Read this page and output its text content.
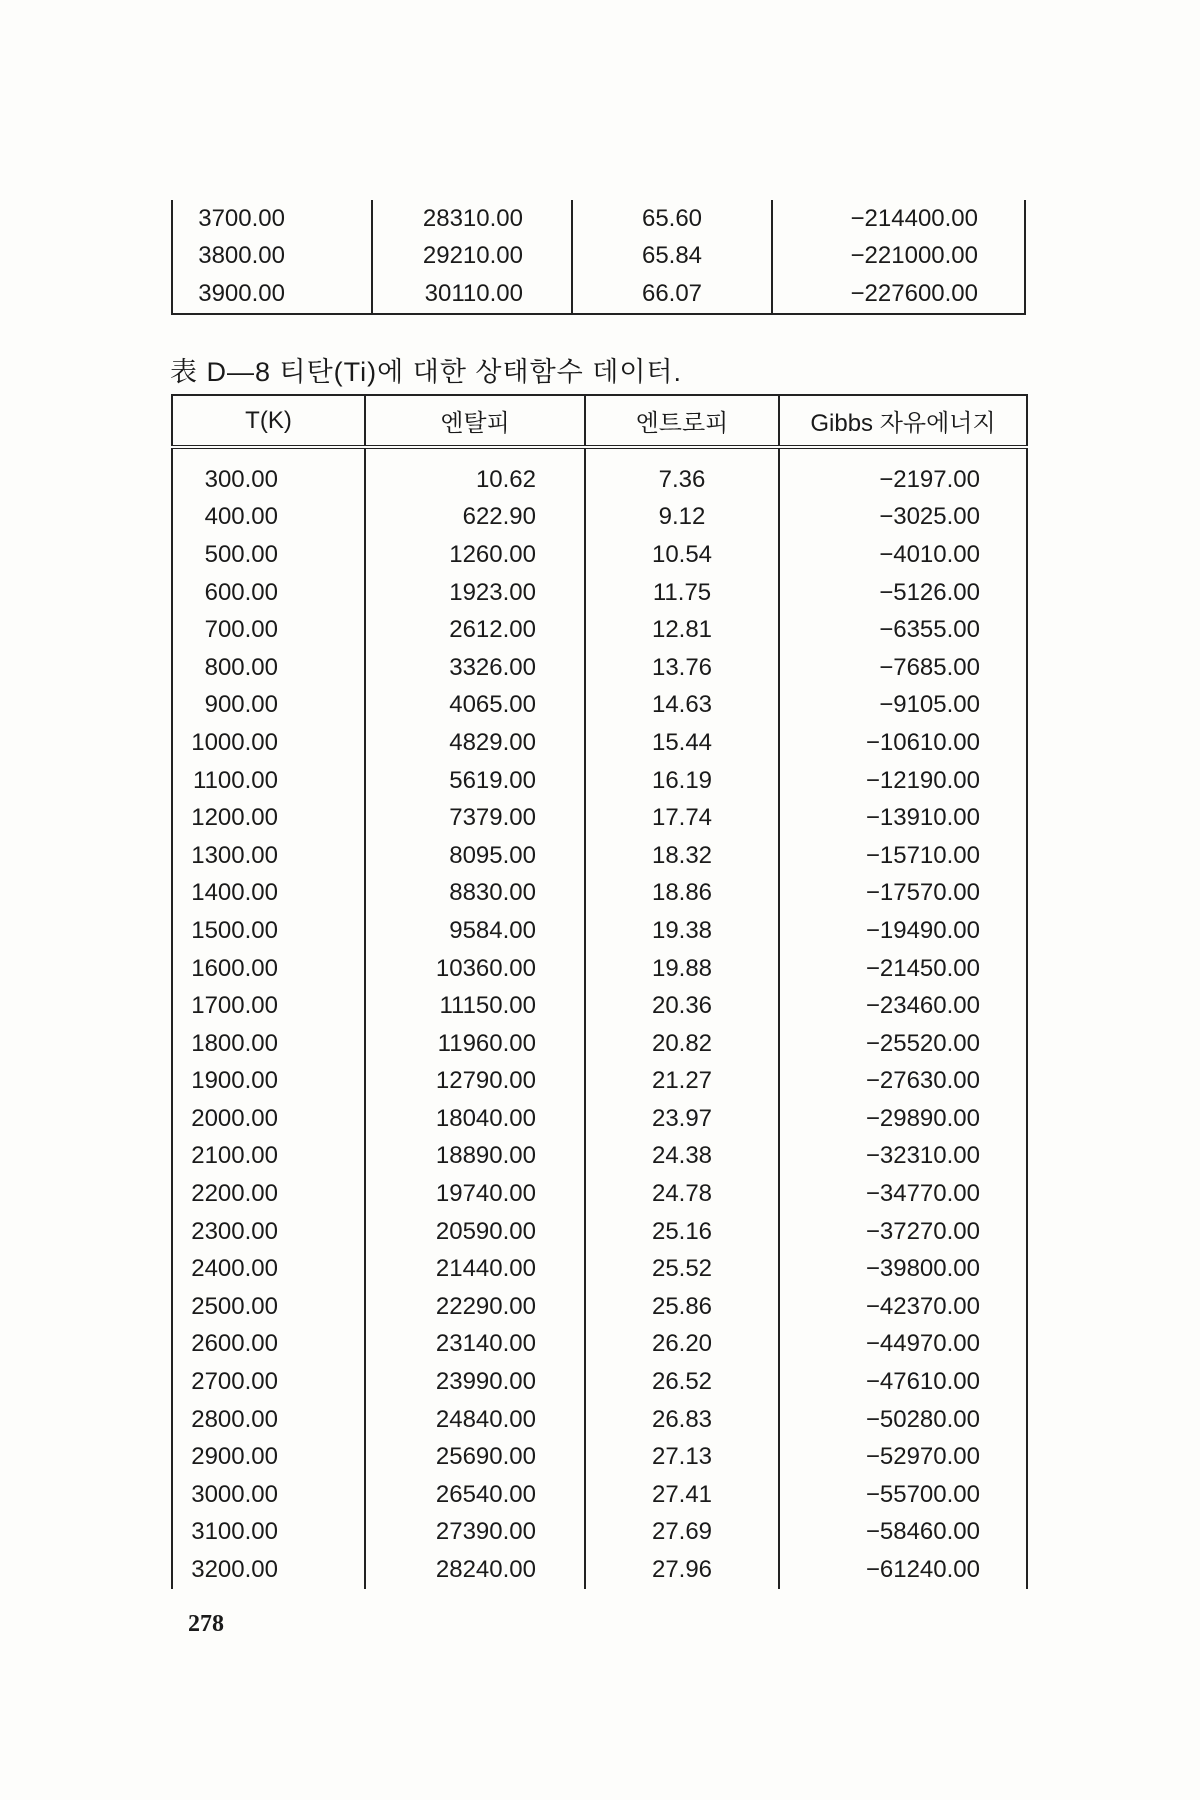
3700.00	28310.00	65.60	−214400.00
3800.00	29210.00	65.84	−221000.00
3900.00	30110.00	66.07	−227600.00
表 D—8 티탄(Ti)에 대한 상태함수 데이터.
T(K)	엔탈피	엔트로피	Gibbs 자유에너지
300.00	10.62	7.36	−2197.00
400.00	622.90	9.12	−3025.00
500.00	1260.00	10.54	−4010.00
600.00	1923.00	11.75	−5126.00
700.00	2612.00	12.81	−6355.00
800.00	3326.00	13.76	−7685.00
900.00	4065.00	14.63	−9105.00
1000.00	4829.00	15.44	−10610.00
1100.00	5619.00	16.19	−12190.00
1200.00	7379.00	17.74	−13910.00
1300.00	8095.00	18.32	−15710.00
1400.00	8830.00	18.86	−17570.00
1500.00	9584.00	19.38	−19490.00
1600.00	10360.00	19.88	−21450.00
1700.00	11150.00	20.36	−23460.00
1800.00	11960.00	20.82	−25520.00
1900.00	12790.00	21.27	−27630.00
2000.00	18040.00	23.97	−29890.00
2100.00	18890.00	24.38	−32310.00
2200.00	19740.00	24.78	−34770.00
2300.00	20590.00	25.16	−37270.00
2400.00	21440.00	25.52	−39800.00
2500.00	22290.00	25.86	−42370.00
2600.00	23140.00	26.20	−44970.00
2700.00	23990.00	26.52	−47610.00
2800.00	24840.00	26.83	−50280.00
2900.00	25690.00	27.13	−52970.00
3000.00	26540.00	27.41	−55700.00
3100.00	27390.00	27.69	−58460.00
3200.00	28240.00	27.96	−61240.00
278
